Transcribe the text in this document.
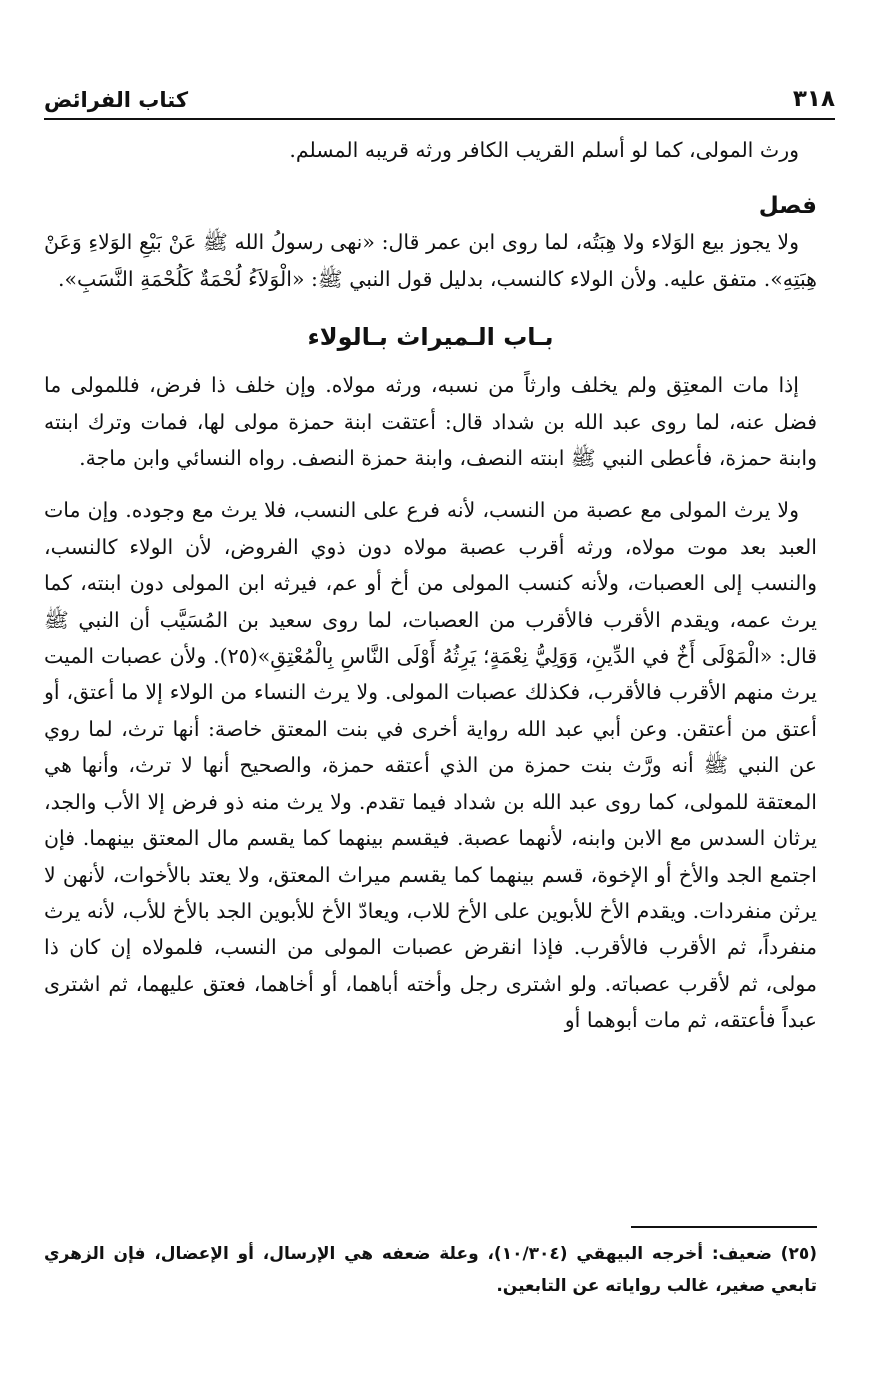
٣١٨
كتاب الفرائض

ورث المولى، كما لو أسلم القريب الكافر ورثه قريبه المسلم.

فصل

ولا يجوز بيع الوَلاء ولا هِبَتُه، لما روى ابن عمر قال: «نهى رسولُ الله ﷺ عَنْ بَيْعِ الوَلاءِ وَعَنْ هِبَتِهِ». متفق عليه. ولأن الولاء كالنسب، بدليل قول النبي ﷺ: «الْوَلاَءُ لُحْمَةٌ كَلُحْمَةِ النَّسَبِ».

بـاب الـميراث بـالولاء

إذا مات المعتِق ولم يخلف وارثاً من نسبه، ورثه مولاه. وإن خلف ذا فرض، فللمولى ما فضل عنه، لما روى عبد الله بن شداد قال: أعتقت ابنة حمزة مولى لها، فمات وترك ابنته وابنة حمزة، فأعطى النبي ﷺ ابنته النصف، وابنة حمزة النصف. رواه النسائي وابن ماجة.

ولا يرث المولى مع عصبة من النسب، لأنه فرع على النسب، فلا يرث مع وجوده. وإن مات العبد بعد موت مولاه، ورثه أقرب عصبة مولاه دون ذوي الفروض، لأن الولاء كالنسب، والنسب إلى العصبات، ولأنه كنسب المولى من أخ أو عم، فيرثه ابن المولى دون ابنته، كما يرث عمه، ويقدم الأقرب فالأقرب من العصبات، لما روى سعيد بن المُسَيَّب أن النبي ﷺ قال: «الْمَوْلَى أَخٌ في الدِّينِ، وَوَلِيُّ نِعْمَةٍ؛ يَرِثُهُ أَوْلَى النَّاسِ بِالْمُعْتِقِ»(٢٥). ولأن عصبات الميت يرث منهم الأقرب فالأقرب، فكذلك عصبات المولى. ولا يرث النساء من الولاء إلا ما أعتق، أو أعتق من أعتقن. وعن أبي عبد الله رواية أخرى في بنت المعتق خاصة: أنها ترث، لما روي عن النبي ﷺ أنه ورَّث بنت حمزة من الذي أعتقه حمزة، والصحيح أنها لا ترث، وأنها هي المعتقة للمولى، كما روى عبد الله بن شداد فيما تقدم. ولا يرث منه ذو فرض إلا الأب والجد، يرثان السدس مع الابن وابنه، لأنهما عصبة. فيقسم بينهما كما يقسم مال المعتق بينهما. فإن اجتمع الجد والأخ أو الإخوة، قسم بينهما كما يقسم ميراث المعتق، ولا يعتد بالأخوات، لأنهن لا يرثن منفردات. ويقدم الأخ للأبوين على الأخ للاب، ويعادّ الأخ للأبوين الجد بالأخ للأب، لأنه يرث منفرداً، ثم الأقرب فالأقرب. فإذا انقرض عصبات المولى من النسب، فلمولاه إن كان ذا مولى، ثم لأقرب عصباته. ولو اشترى رجل وأخته أباهما، أو أخاهما، فعتق عليهما، ثم اشترى عبداً فأعتقه، ثم مات أبوهما أو

(٢٥) ضعيف: أخرجه البيهقي (١٠/٣٠٤)، وعلة ضعفه هي الإرسال، أو الإعضال، فإن الزهري تابعي صغير، غالب رواياته عن التابعين.
